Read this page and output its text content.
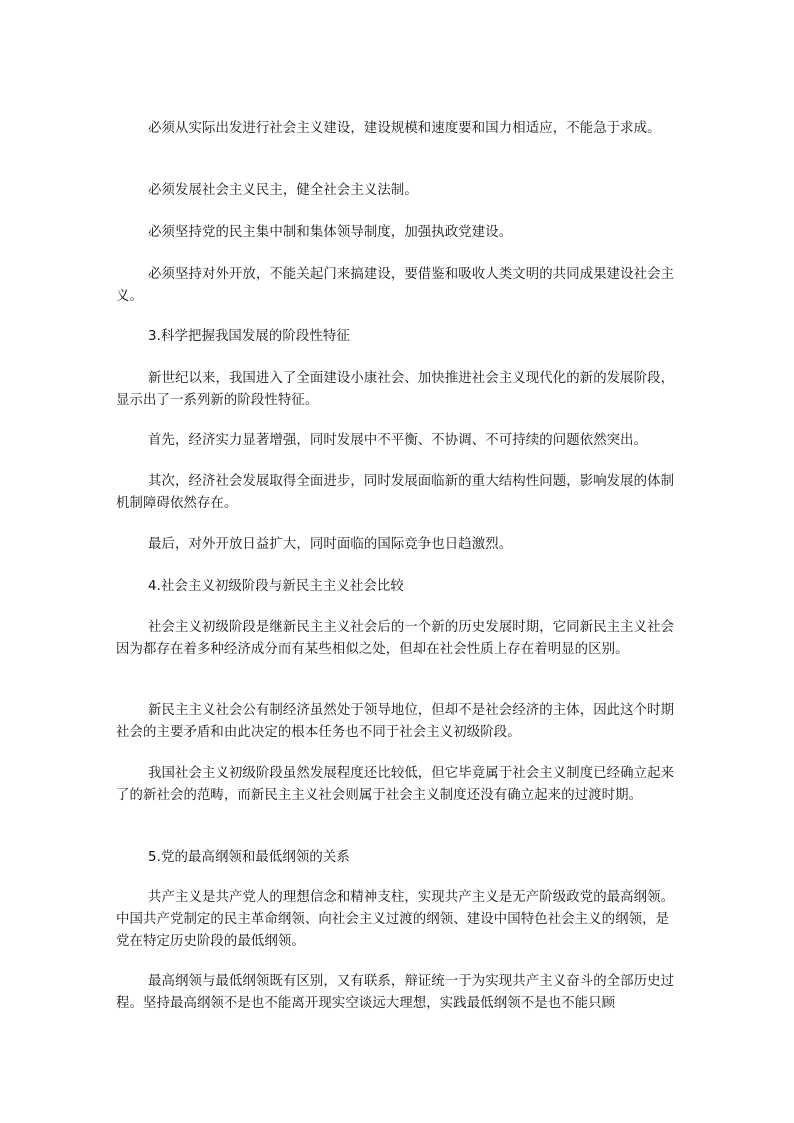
必须从实际出发进行社会主义建设，建设规模和速度要和国力相适应，不能急于求成。

必须发展社会主义民主，健全社会主义法制。

必须坚持党的民主集中制和集体领导制度，加强执政党建设。

必须坚持对外开放，不能关起门来搞建设，要借鉴和吸收人类文明的共同成果建设社会主义。

3.科学把握我国发展的阶段性特征

新世纪以来，我国进入了全面建设小康社会、加快推进社会主义现代化的新的发展阶段，显示出了一系列新的阶段性特征。

首先，经济实力显著增强，同时发展中不平衡、不协调、不可持续的问题依然突出。

其次，经济社会发展取得全面进步，同时发展面临新的重大结构性问题，影响发展的体制机制障碍依然存在。

最后，对外开放日益扩大，同时面临的国际竞争也日趋激烈。

4.社会主义初级阶段与新民主主义社会比较

社会主义初级阶段是继新民主主义社会后的一个新的历史发展时期，它同新民主主义社会因为都存在着多种经济成分而有某些相似之处，但却在社会性质上存在着明显的区别。

新民主主义社会公有制经济虽然处于领导地位，但却不是社会经济的主体，因此这个时期社会的主要矛盾和由此决定的根本任务也不同于社会主义初级阶段。

我国社会主义初级阶段虽然发展程度还比较低，但它毕竟属于社会主义制度已经确立起来了的新社会的范畴，而新民主主义社会则属于社会主义制度还没有确立起来的过渡时期。

5.党的最高纲领和最低纲领的关系

共产主义是共产党人的理想信念和精神支柱，实现共产主义是无产阶级政党的最高纲领。中国共产党制定的民主革命纲领、向社会主义过渡的纲领、建设中国特色社会主义的纲领，是党在特定历史阶段的最低纲领。

最高纲领与最低纲领既有区别，又有联系，辩证统一于为实现共产主义奋斗的全部历史过程。坚持最高纲领不是也不能离开现实空谈远大理想，实践最低纲领不是也不能只顾
